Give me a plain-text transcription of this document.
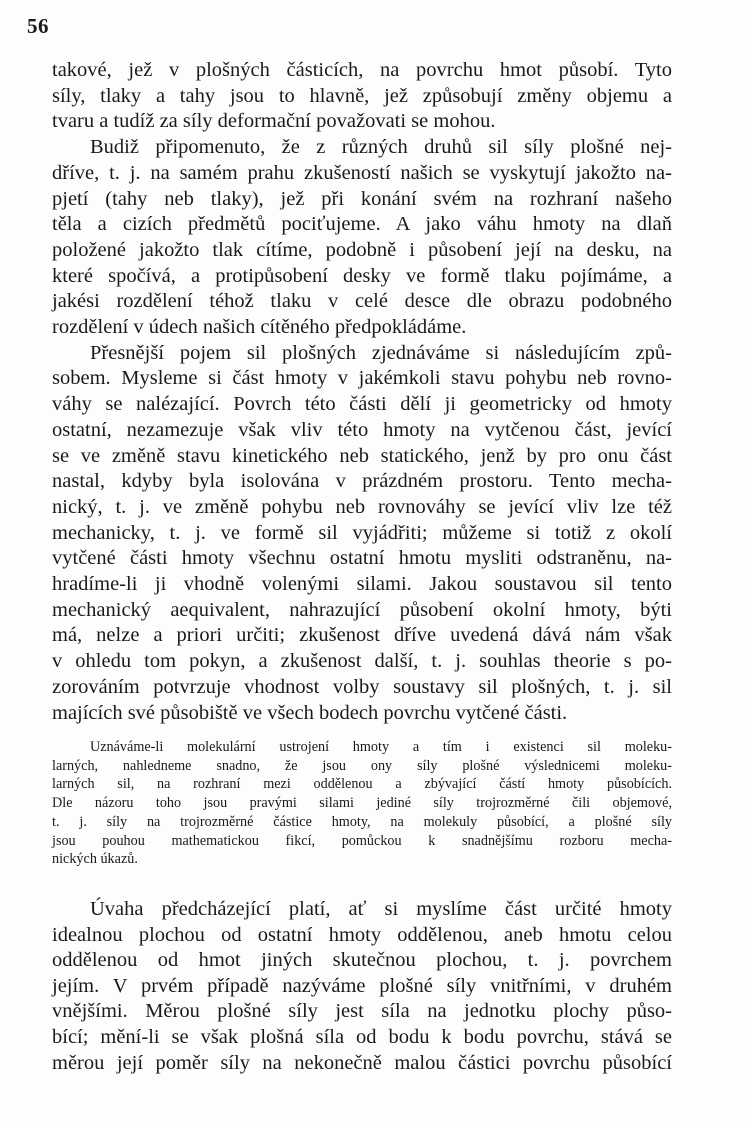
56
takové, jež v plošných částicích, na povrchu hmot působí. Tyto
síly, tlaky a tahy jsou to hlavně, jež způsobují změny objemu a
tvaru a tudíž za síly deformační považovati se mohou.
Budiž připomenuto, že z různých druhů sil síly plošné nej-
dříve, t. j. na samém prahu zkušeností našich se vyskytují jakožto na-
pjetí (tahy neb tlaky), jež při konání svém na rozhraní našeho
těla a cizích předmětů pociťujeme. A jako váhu hmoty na dlaň
položené jakožto tlak cítíme, podobně i působení její na desku, na
které spočívá, a protipůsobení desky ve formě tlaku pojímáme, a
jakési rozdělení téhož tlaku v celé desce dle obrazu podobného
rozdělení v údech našich cítěného předpokládáme.
Přesnější pojem sil plošných zjednáváme si následujícím způ-
sobem. Mysleme si část hmoty v jakémkoli stavu pohybu neb rovno-
váhy se nalézající. Povrch této části dělí ji geometricky od hmoty
ostatní, nezamezuje však vliv této hmoty na vytčenou část, jevící
se ve změně stavu kinetického neb statického, jenž by pro onu část
nastal, kdyby byla isolována v prázdném prostoru. Tento mecha-
nický, t. j. ve změně pohybu neb rovnováhy se jevící vliv lze též
mechanicky, t. j. ve formě sil vyjádřiti; můžeme si totiž z okolí
vytčené části hmoty všechnu ostatní hmotu mysliti odstraněnu, na-
hradíme-li ji vhodně volenými silami. Jakou soustavou sil tento
mechanický aequivalent, nahrazující působení okolní hmoty, býti
má, nelze a priori určiti; zkušenost dříve uvedená dává nám však
v ohledu tom pokyn, a zkušenost další, t. j. souhlas theorie s po-
zorováním potvrzuje vhodnost volby soustavy sil plošných, t. j. sil
majících své působiště ve všech bodech povrchu vytčené části.
Uznáváme-li molekulární ustrojení hmoty a tím i existenci sil moleku-
larných, nahledneme snadno, že jsou ony síly plošné výslednicemi moleku-
larných sil, na rozhraní mezi oddělenou a zbývající částí hmoty působících.
Dle názoru toho jsou pravými silami jediné síly trojrozměrné čili objemové,
t. j. síly na trojrozměrné částice hmoty, na molekuly působící, a plošné síly
jsou pouhou mathematickou fikcí, pomůckou k snadnějšímu rozboru mecha-
nických úkazů.
Úvaha předcházející platí, ať si myslíme část určité hmoty
idealnou plochou od ostatní hmoty oddělenou, aneb hmotu celou
oddělenou od hmot jiných skutečnou plochou, t. j. povrchem
jejím. V prvém případě nazýváme plošné síly vnitřními, v druhém
vnějšími. Měrou plošné síly jest síla na jednotku plochy půso-
bící; mění-li se však plošná síla od bodu k bodu povrchu, stává se
měrou její poměr síly na nekonečně malou částici povrchu působící
